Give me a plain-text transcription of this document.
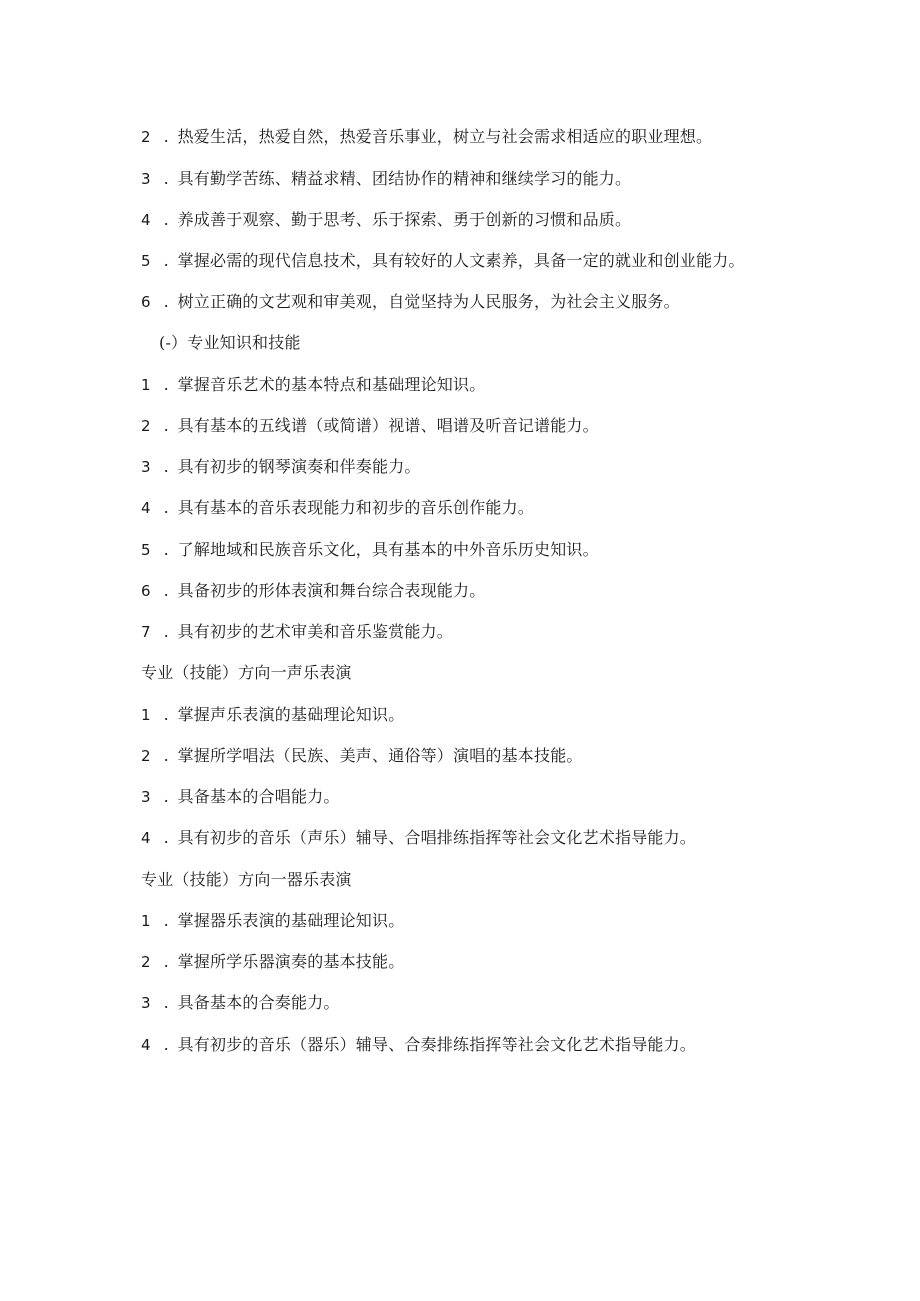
2 . 热爱生活，热爱自然，热爱音乐事业，树立与社会需求相适应的职业理想。
3 . 具有勤学苦练、精益求精、团结协作的精神和继续学习的能力。
4 . 养成善于观察、勤于思考、乐于探索、勇于创新的习惯和品质。
5 . 掌握必需的现代信息技术，具有较好的人文素养，具备一定的就业和创业能力。
6 . 树立正确的文艺观和审美观，自觉坚持为人民服务，为社会主义服务。
(-）专业知识和技能
1 . 掌握音乐艺术的基本特点和基础理论知识。
2 . 具有基本的五线谱（或简谱）视谱、唱谱及听音记谱能力。
3 . 具有初步的钢琴演奏和伴奏能力。
4 . 具有基本的音乐表现能力和初步的音乐创作能力。
5 . 了解地域和民族音乐文化，具有基本的中外音乐历史知识。
6 . 具备初步的形体表演和舞台综合表现能力。
7 . 具有初步的艺术审美和音乐鉴赏能力。
专业（技能）方向一声乐表演
1 . 掌握声乐表演的基础理论知识。
2 . 掌握所学唱法（民族、美声、通俗等）演唱的基本技能。
3 . 具备基本的合唱能力。
4 . 具有初步的音乐（声乐）辅导、合唱排练指挥等社会文化艺术指导能力。
专业（技能）方向一器乐表演
1 . 掌握器乐表演的基础理论知识。
2 . 掌握所学乐器演奏的基本技能。
3 . 具备基本的合奏能力。
4 . 具有初步的音乐（器乐）辅导、合奏排练指挥等社会文化艺术指导能力。
